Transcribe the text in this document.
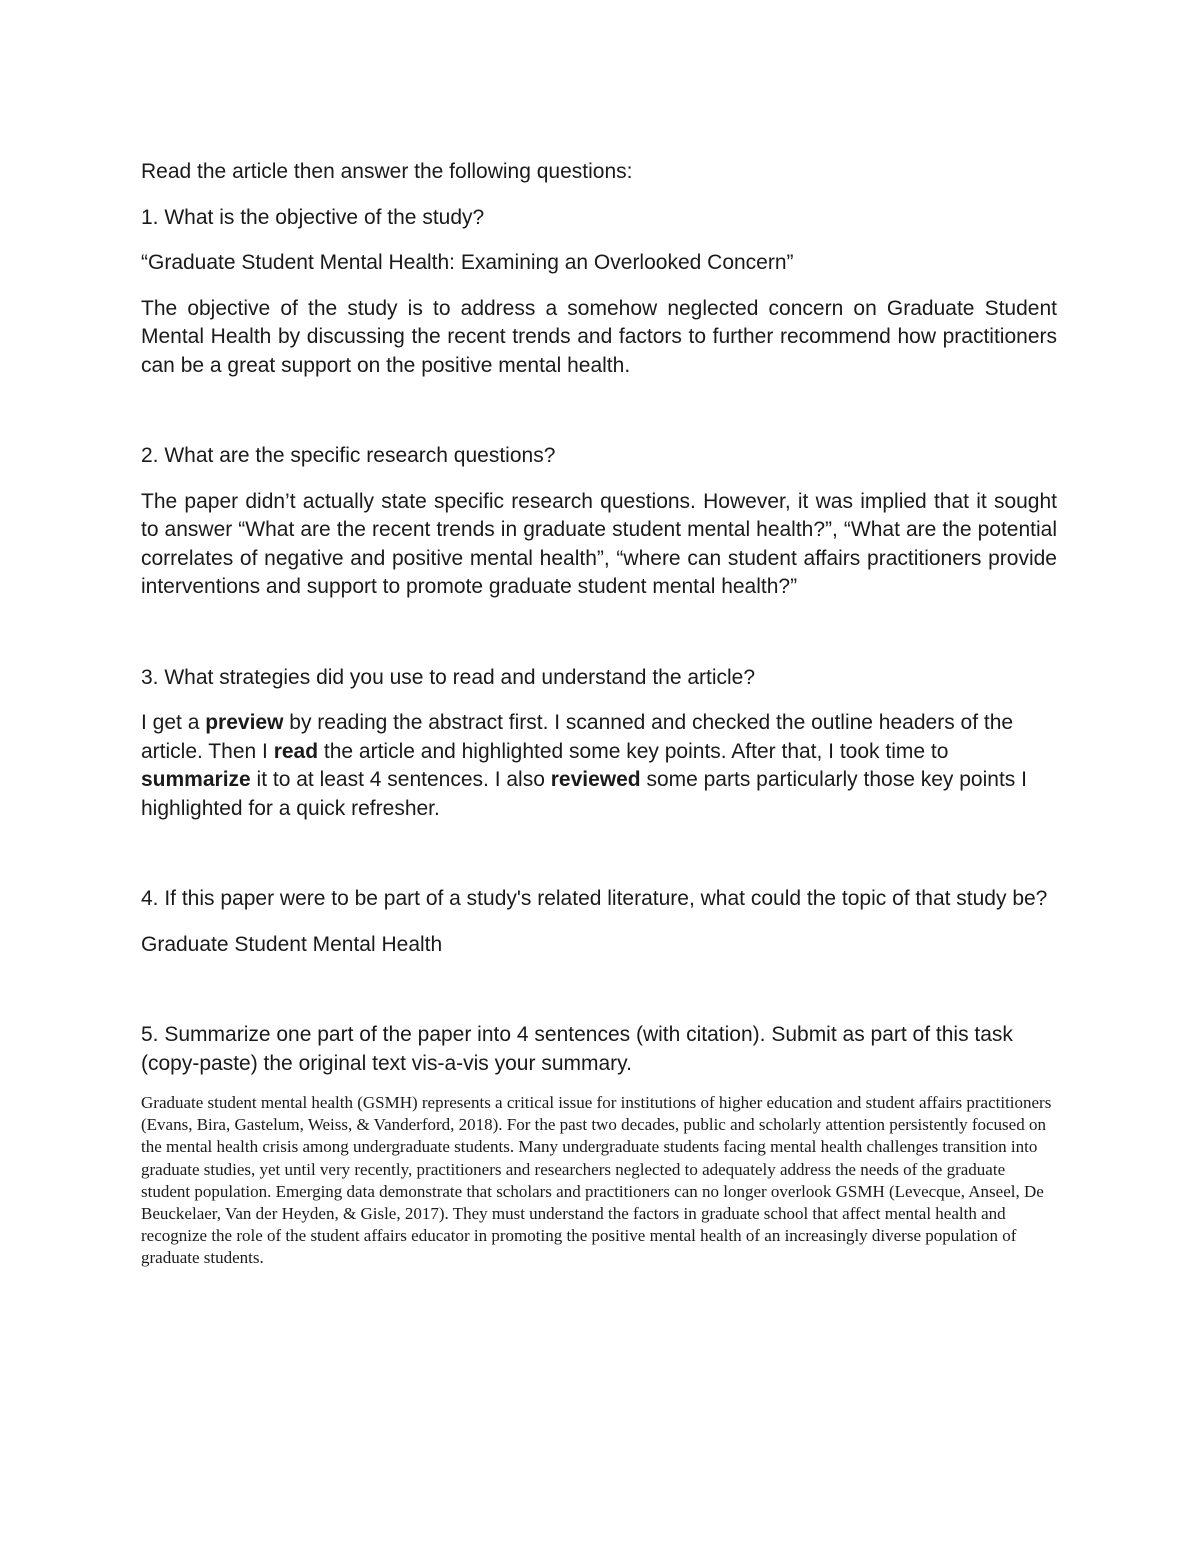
Read the article then answer the following questions:

1. What is the objective of the study?

“Graduate Student Mental Health: Examining an Overlooked Concern”

The objective of the study is to address a somehow neglected concern on Graduate Student Mental Health by discussing the recent trends and factors to further recommend how practitioners can be a great support on the positive mental health.

2. What are the specific research questions?

The paper didn’t actually state specific research questions. However, it was implied that it sought to answer “What are the recent trends in graduate student mental health?”, “What are the potential correlates of negative and positive mental health”, “where can student affairs practitioners provide interventions and support to promote graduate student mental health?”

3. What strategies did you use to read and understand the article?

I get a preview by reading the abstract first. I scanned and checked the outline headers of the article. Then I read the article and highlighted some key points. After that, I took time to summarize it to at least 4 sentences. I also reviewed some parts particularly those key points I highlighted for a quick refresher.

4. If this paper were to be part of a study's related literature, what could the topic of that study be?

Graduate Student Mental Health

5. Summarize one part of the paper into 4 sentences (with citation). Submit as part of this task (copy-paste) the original text vis-a-vis your summary.

Graduate student mental health (GSMH) represents a critical issue for institutions of higher education and student affairs practitioners (Evans, Bira, Gastelum, Weiss, & Vanderford, 2018). For the past two decades, public and scholarly attention persistently focused on the mental health crisis among undergraduate students. Many undergraduate students facing mental health challenges transition into graduate studies, yet until very recently, practitioners and researchers neglected to adequately address the needs of the graduate student population. Emerging data demonstrate that scholars and practitioners can no longer overlook GSMH (Levecque, Anseel, De Beuckelaer, Van der Heyden, & Gisle, 2017). They must understand the factors in graduate school that affect mental health and recognize the role of the student affairs educator in promoting the positive mental health of an increasingly diverse population of graduate students.
